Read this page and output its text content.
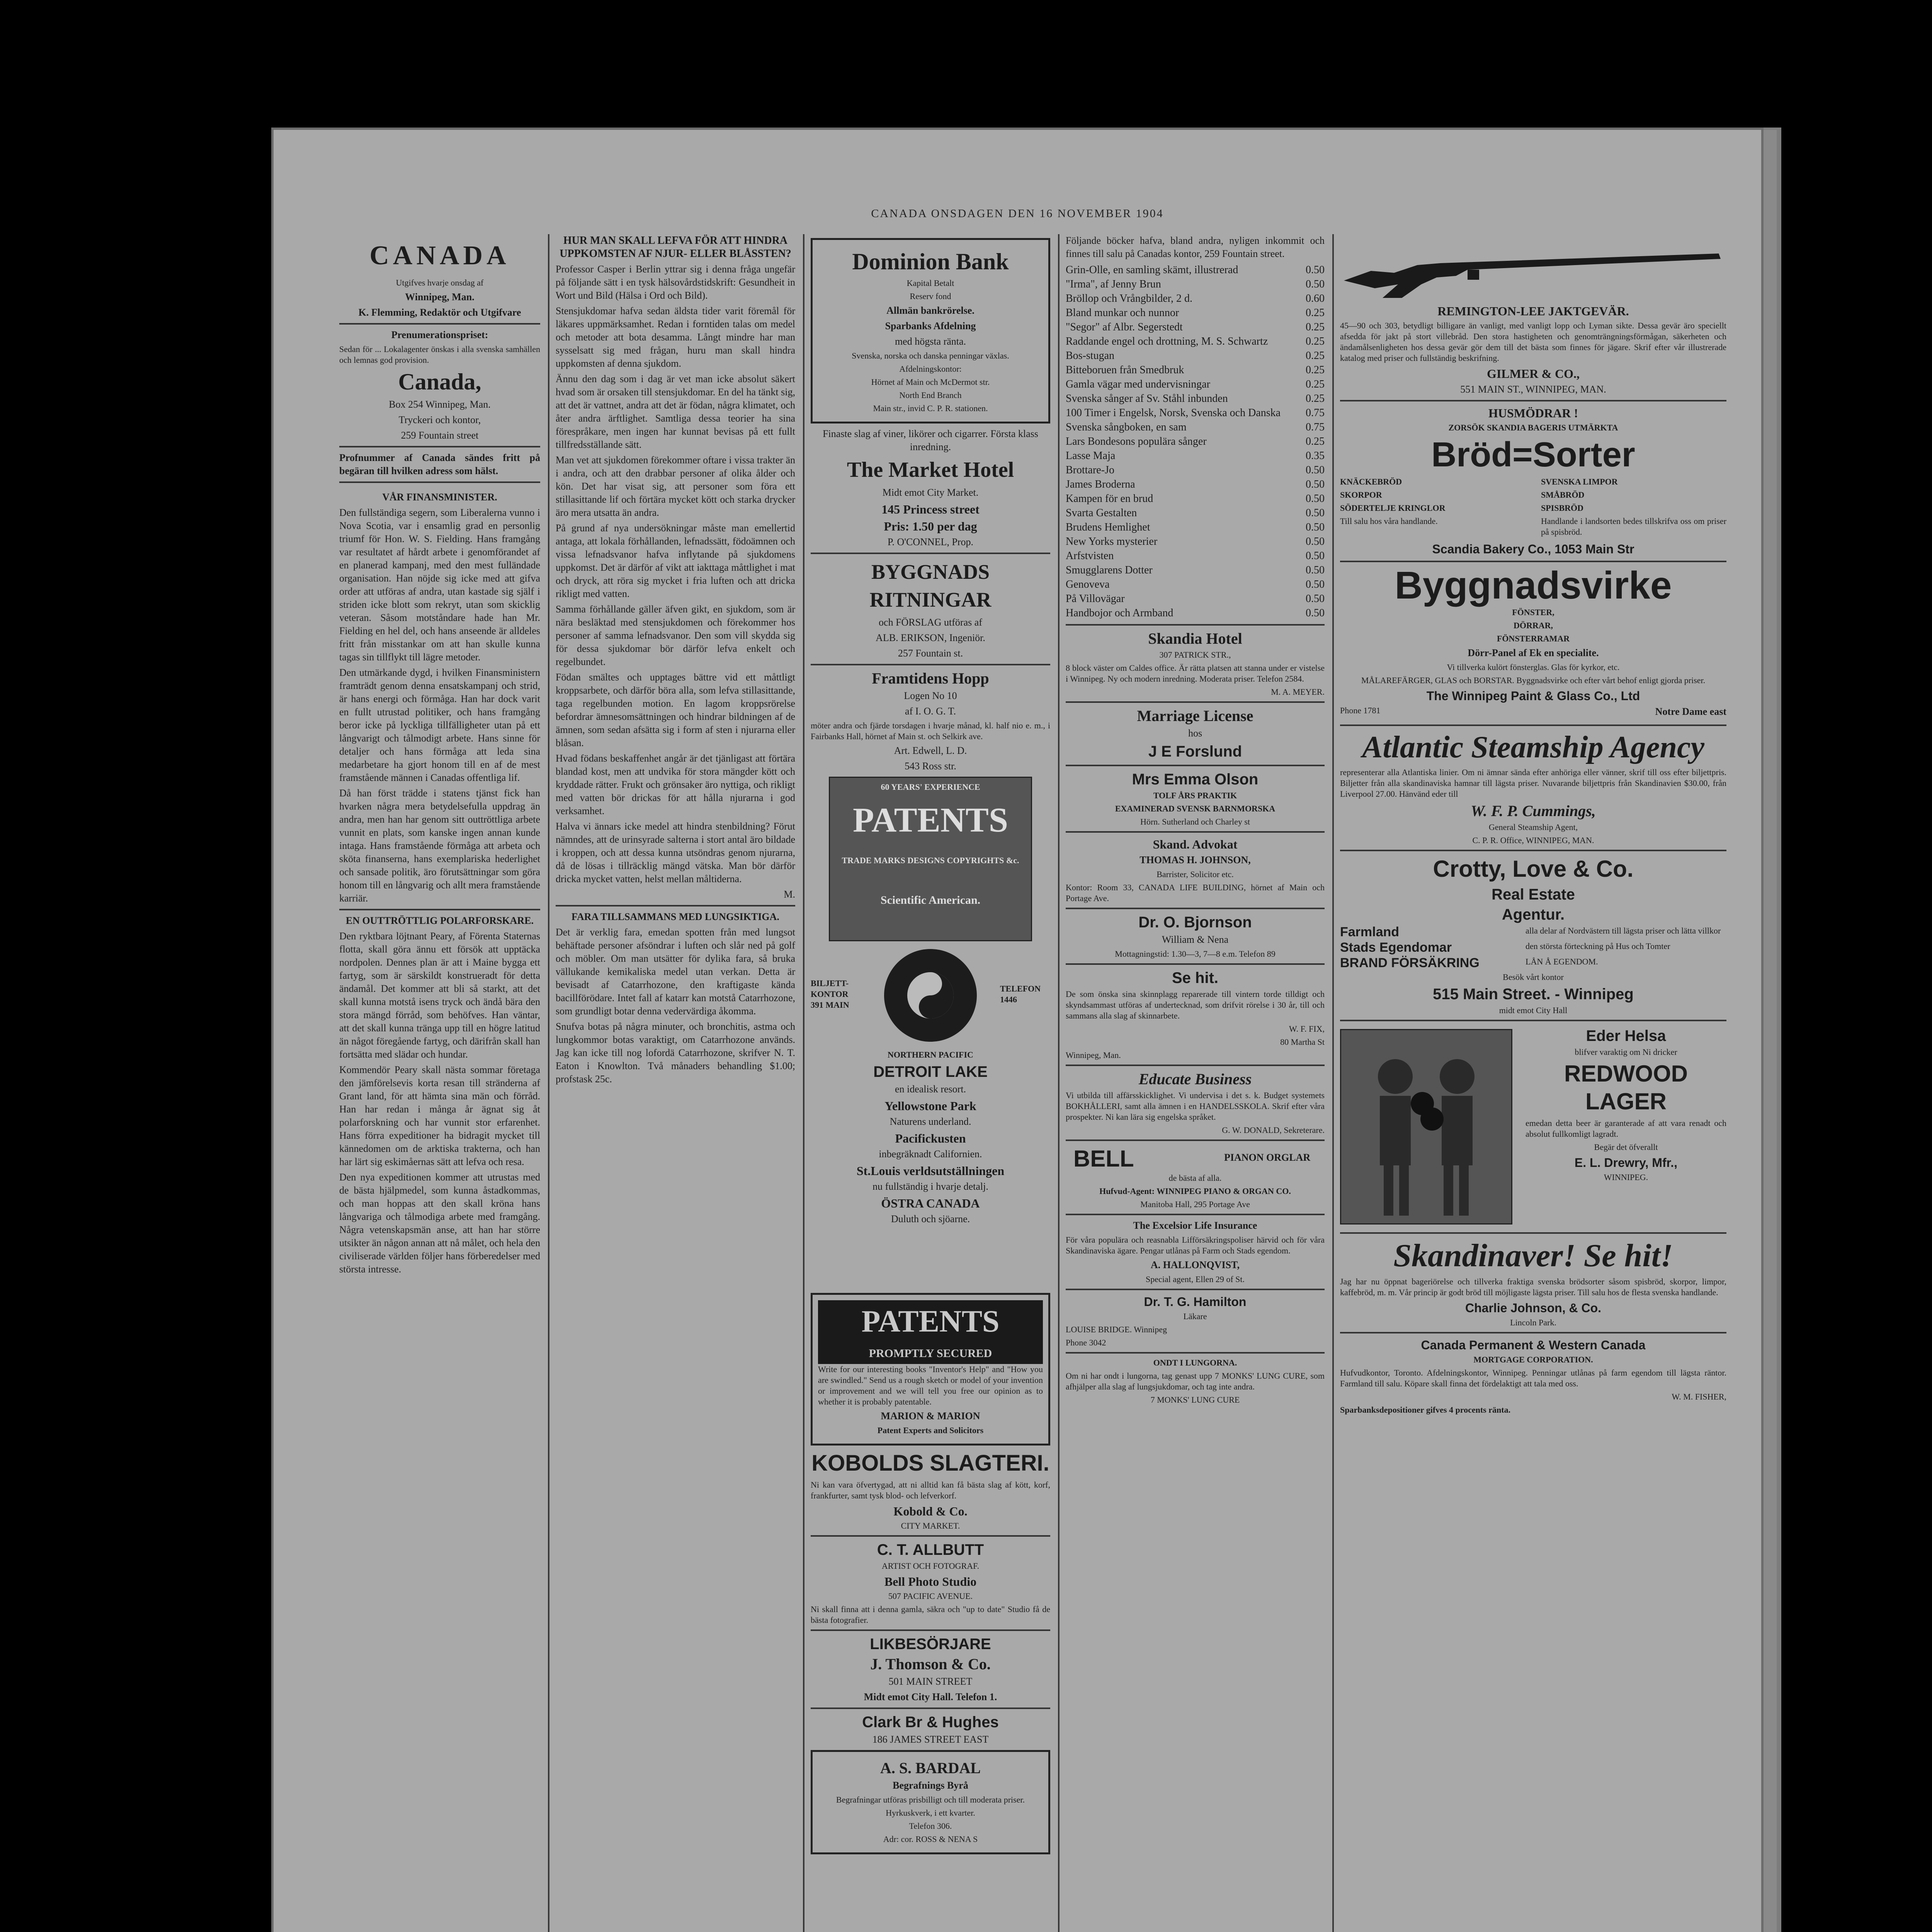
CANADA ONSDAGEN DEN 16 NOVEMBER 1904
CANADA
Utgifves hvarje onsdag af
Winnipeg, Man.
K. Flemming, Redaktör och Utgifvare
Prenumerationspriset:
Sedan för ... Lokalagenter önskas i alla svenska samhällen och lemnas god provision.
Canada,
Box 254 Winnipeg, Man.
Tryckeri och kontor,
259 Fountain street
Profnummer af Canada sändes fritt på begäran till hvilken adress som hälst.
VÅR FINANSMINISTER.
Den fullständiga segern, som Liberalerna vunno i Nova Scotia, var i ensamlig grad en personlig triumf för Hon. W. S. Fielding. Hans framgång var resultatet af hårdt arbete i genomförandet af en planerad kampanj, med den mest fulländade organisation. Han nöjde sig icke med att gifva order att utföras af andra, utan kastade sig själf i striden icke blott som rekryt, utan som skicklig veteran. Såsom motståndare hade han Mr. Fielding en hel del, och hans anseende är alldeles fritt från misstankar om att han skulle kunna tagas sin tillflykt till lägre metoder.
Den utmärkande dygd, i hvilken Finansministern framträdt genom denna ensatskampanj och strid, är hans energi och förmåga. Han har dock varit en fullt utrustad politiker, och hans framgång beror icke på lyckliga tillfälligheter utan på ett långvarigt och tålmodigt arbete. Hans sinne för detaljer och hans förmåga att leda sina medarbetare ha gjort honom till en af de mest framstående männen i Canadas offentliga lif.
Då han först trädde i statens tjänst fick han hvarken några mera betydelsefulla uppdrag än andra, men han har genom sitt outtröttliga arbete vunnit en plats, som kanske ingen annan kunde intaga. Hans framstående förmåga att arbeta och sköta finanserna, hans exemplariska hederlighet och sansade politik, äro förutsättningar som göra honom till en långvarig och allt mera framstående karriär.
EN OUTTRÖTTLIG POLARFORSKARE.
Den ryktbara löjtnant Peary, af Förenta Staternas flotta, skall göra ännu ett försök att upptäcka nordpolen. Dennes plan är att i Maine bygga ett fartyg, som är särskildt konstrueradt för detta ändamål. Det kommer att bli så starkt, att det skall kunna motstå isens tryck och ändå bära den stora mängd förråd, som behöfves. Han väntar, att det skall kunna tränga upp till en högre latitud än något föregående fartyg, och därifrån skall han fortsätta med slädar och hundar.
Kommendör Peary skall nästa sommar företaga den jämförelsevis korta resan till stränderna af Grant land, för att hämta sina män och förråd. Han har redan i många år ägnat sig åt polarforskning och har vunnit stor erfarenhet. Hans förra expeditioner ha bidragit mycket till kännedomen om de arktiska trakterna, och han har lärt sig eskimåernas sätt att lefva och resa.
Den nya expeditionen kommer att utrustas med de bästa hjälpmedel, som kunna åstadkommas, och man hoppas att den skall kröna hans långvariga och tålmodiga arbete med framgång. Några vetenskapsmän anse, att han har större utsikter än någon annan att nå målet, och hela den civiliserade världen följer hans förberedelser med största intresse.
HUR MAN SKALL LEFVA FÖR ATT HINDRA UPPKOMSTEN AF NJUR- ELLER BLÅSSTEN?
Professor Casper i Berlin yttrar sig i denna fråga ungefär på följande sätt i en tysk hälsovårdstidskrift: Gesundheit in Wort und Bild (Hälsa i Ord och Bild).
Stensjukdomar hafva sedan äldsta tider varit föremål för läkares uppmärksamhet. Redan i forntiden talas om medel och metoder att bota desamma. Långt mindre har man sysselsatt sig med frågan, huru man skall hindra uppkomsten af denna sjukdom.
Ännu den dag som i dag är vet man icke absolut säkert hvad som är orsaken till stensjukdomar. En del ha tänkt sig, att det är vattnet, andra att det är födan, några klimatet, och åter andra ärftlighet. Samtliga dessa teorier ha sina förespråkare, men ingen har kunnat bevisas på ett fullt tillfredsställande sätt.
Man vet att sjukdomen förekommer oftare i vissa trakter än i andra, och att den drabbar personer af olika ålder och kön. Det har visat sig, att personer som föra ett stillasittande lif och förtära mycket kött och starka drycker äro mera utsatta än andra.
På grund af nya undersökningar måste man emellertid antaga, att lokala förhållanden, lefnadssätt, födoämnen och vissa lefnadsvanor hafva inflytande på sjukdomens uppkomst. Det är därför af vikt att iakttaga måttlighet i mat och dryck, att röra sig mycket i fria luften och att dricka rikligt med vatten.
Samma förhållande gäller äfven gikt, en sjukdom, som är nära besläktad med stensjukdomen och förekommer hos personer af samma lefnadsvanor. Den som vill skydda sig för dessa sjukdomar bör därför lefva enkelt och regelbundet.
Födan smältes och upptages bättre vid ett måttligt kroppsarbete, och därför böra alla, som lefva stillasittande, taga regelbunden motion. En lagom kroppsrörelse befordrar ämnesomsättningen och hindrar bildningen af de ämnen, som sedan afsätta sig i form af sten i njurarna eller blåsan.
Hvad födans beskaffenhet angår är det tjänligast att förtära blandad kost, men att undvika för stora mängder kött och kryddade rätter. Frukt och grönsaker äro nyttiga, och rikligt med vatten bör drickas för att hålla njurarna i god verksamhet.
Halva vi ännars icke medel att hindra stenbildning? Förut nämndes, att de urinsyrade salterna i stort antal äro bildade i kroppen, och att dessa kunna utsöndras genom njurarna, då de lösas i tillräcklig mängd vätska. Man bör därför dricka mycket vatten, helst mellan måltiderna.
M.
FARA TILLSAMMANS MED LUNGSIKTIGA.
Det är verklig fara, emedan spotten från med lungsot behäftade personer afsöndrar i luften och slår ned på golf och möbler. Om man utsätter för dylika fara, så bruka vällukande kemikaliska medel utan verkan. Detta är bevisadt af Catarrhozone, den kraftigaste kända bacillförödare. Intet fall af katarr kan motstå Catarrhozone, som grundligt botar denna vedervärdiga åkomma.
Snufva botas på några minuter, och bronchitis, astma och lungkommor botas varaktigt, om Catarrhozone används. Jag kan icke till nog lofordä Catarrhozone, skrifver N. T. Eaton i Knowlton. Två månaders behandling $1.00; profstask 25c.
Dominion Bank
Kapital Betalt
Reserv fond
Allmän bankrörelse.
Sparbanks Afdelning
med högsta ränta.
Svenska, norska och danska penningar växlas.
Afdelningskontor:
Hörnet af Main och McDermot str.
North End Branch
Main str., invid C. P. R. stationen.
Finaste slag af viner, likörer och cigarrer. Första klass inredning.
The Market Hotel
Midt emot City Market.
145 Princess street
Pris: 1.50 per dag
P. O'CONNEL, Prop.
BYGGNADS RITNINGAR
och FÖRSLAG utföras af
ALB. ERIKSON, Ingeniör.
257 Fountain st.
Framtidens Hopp
Logen No 10
af I. O. G. T.
möter andra och fjärde torsdagen i hvarje månad, kl. half nio e. m., i Fairbanks Hall, hörnet af Main st. och Selkirk ave.
Art. Edwell, L. D.
543 Ross str.
60 YEARS' EXPERIENCE
PATENTS
TRADE MARKS DESIGNS COPYRIGHTS &c.
Scientific American.
BILJETT-KONTOR 391 MAIN
TELEFON 1446
NORTHERN PACIFIC
DETROIT LAKE
en idealisk resort.
Yellowstone Park
Naturens underland.
Pacifickusten
inbegräknadt Californien.
St.Louis verldsutställningen
nu fullständig i hvarje detalj.
ÖSTRA CANADA
Duluth och sjöarne.
PATENTS
PROMPTLY SECURED
Write for our interesting books "Inventor's Help" and "How you are swindled." Send us a rough sketch or model of your invention or improvement and we will tell you free our opinion as to whether it is probably patentable.
MARION & MARION
Patent Experts and Solicitors
KOBOLDS SLAGTERI.
Ni kan vara öfvertygad, att ni alltid kan få bästa slag af kött, korf, frankfurter, samt tysk blod- och lefverkorf.
Kobold & Co.
CITY MARKET.
C. T. ALLBUTT
ARTIST OCH FOTOGRAF.
Bell Photo Studio
507 PACIFIC AVENUE.
Ni skall finna att i denna gamla, säkra och "up to date" Studio få de bästa fotografier.
LIKBESÖRJARE
J. Thomson & Co.
501 MAIN STREET
Midt emot City Hall. Telefon 1.
Clark Br & Hughes
186 JAMES STREET EAST
A. S. BARDAL
Begrafnings Byrå
Begrafningar utföras prisbilligt och till moderata priser.
Hyrkuskverk, i ett kvarter.
Telefon 306.
Adr: cor. ROSS & NENA S
Följande böcker hafva, bland andra, nyligen inkommit och finnes till salu på Canadas kontor, 259 Fountain street.
Grin-Olle, en samling skämt, illustrerad	0.50
"Irma", af Jenny Brun	0.50
Bröllop och Vrångbilder, 2 d.	0.60
Bland munkar och nunnor	0.25
"Segor" af Albr. Segerstedt	0.25
Raddande engel och drottning, M. S. Schwartz	0.25
Bos-stugan	0.25
Bitteboruen från Smedbruk	0.25
Gamla vägar med undervisningar	0.25
Svenska sånger af Sv. Ståhl inbunden	0.25
100 Timer i Engelsk, Norsk, Svenska och Danska 0.75
Svenska sångboken, en sam	0.75
Lars Bondesons populära sånger	0.25
Lasse Maja	0.35
Brottare-Jo	0.50
James Broderna	0.50
Kampen för en brud	0.50
Svarta Gestalten	0.50
Brudens Hemlighet	0.50
New Yorks mysterier	0.50
Arfstvisten	0.50
Smugglarens Dotter	0.50
Genoveva	0.50
På Villovägar	0.50
Handbojor och Armband	0.50
Skandia Hotel
307 PATRICK STR.,
8 block väster om Caldes office. Är rätta platsen att stanna under er vistelse i Winnipeg. Ny och modern inredning. Moderata priser. Telefon 2584.
M. A. MEYER.
Marriage License
hos
J E Forslund
Mrs Emma Olson
TOLF ÅRS PRAKTIK
EXAMINERAD SVENSK BARNMORSKA
Hörn. Sutherland och Charley st
Skand. Advokat
THOMAS H. JOHNSON,
Barrister, Solicitor etc.
Kontor: Room 33, CANADA LIFE BUILDING, hörnet af Main och Portage Ave.
Dr. O. Bjornson
William & Nena
Mottagningstid: 1.30—3, 7—8 e.m. Telefon 89
Se hit.
De som önska sina skinnplagg reparerade till vintern torde tilldigt och skyndsammast utföras af undertecknad, som drifvit rörelse i 30 år, till och sammans alla slag af skinnarbete.
W. F. FIX,
80 Martha St
Winnipeg, Man.
Educate Business
Vi utbilda till affärsskicklighet. Vi undervisa i det s. k. Budget systemets BOKHÅLLERI, samt alla ämnen i en HANDELSSKOLA. Skrif efter våra prospekter. Ni kan lära sig engelska språket.
G. W. DONALD, Sekreterare.
BELL	PIANON ORGLAR
de bästa af alla.
Hufvud-Agent: WINNIPEG PIANO & ORGAN CO.
Manitoba Hall, 295 Portage Ave
The Excelsior Life Insurance
För våra populära och reasnabla Lifförsäkringspoliser härvid och för våra Skandinaviska ägare. Pengar utlånas på Farm och Stads egendom.
A. HALLONQVIST,
Special agent, Ellen 29 of St.
Dr. T. G. Hamilton
Läkare
LOUISE BRIDGE. Winnipeg
Phone 3042
ONDT I LUNGORNA.
Om ni har ondt i lungorna, tag genast upp 7 MONKS' LUNG CURE, som afhjälper alla slag af lungsjukdomar, och tag inte andra.
7 MONKS' LUNG CURE
REMINGTON-LEE JAKTGEVÄR.
45—90 och 303, betydligt billigare än vanligt, med vanligt lopp och Lyman sikte. Dessa gevär äro speciellt afsedda för jakt på stort villebråd. Den stora hastigheten och genomträngningsförmågan, säkerheten och ändamålsenligheten hos dessa gevär gör dem till det bästa som finnes för jägare. Skrif efter vår illustrerade katalog med priser och fullständig beskrifning.
GILMER & CO.,
551 MAIN ST., WINNIPEG, MAN.
HUSMÖDRAR !
ZORSÖK SKANDIA BAGERIS UTMÄRKTA
Bröd=Sorter
KNÄCKEBRÖD
SKORPOR
SÖDERTELJE KRINGLOR
Till salu hos våra handlande.
SVENSKA LIMPOR
SMÅBRÖD
SPISBRÖD
Handlande i landsorten bedes tillskrifva oss om priser på spisbröd.
Scandia Bakery Co., 1053 Main Str
Byggnadsvirke
FÖNSTER,
DÖRRAR,
FÖNSTERRAMAR
Dörr-Panel af Ek en specialite.
Vi tillverka kulört fönsterglas. Glas för kyrkor, etc.
MÅLAREFÄRGER, GLAS och BORSTAR. Byggnadsvirke och efter vårt behof enligt gjorda priser.
The Winnipeg Paint & Glass Co., Ltd
Phone 1781	Notre Dame east
Atlantic Steamship Agency
representerar alla Atlantiska linier. Om ni ämnar sända efter anhöriga eller vänner, skrif till oss efter biljettpris. Biljetter från alla skandinaviska hamnar till lägsta priser. Nuvarande biljettpris från Skandinavien $30.00, från Liverpool 27.00. Hänvänd eder till
W. F. P. Cummings,
General Steamship Agent,
C. P. R. Office, WINNIPEG, MAN.
Crotty, Love & Co.
Real Estate
Agentur.
Farmland	alla delar af Nordvästern till lägsta priser och lätta villkor
Stads Egendomar	den största förteckning på Hus och Tomter
BRAND FÖRSÄKRING	LÅN Å EGENDOM.
Besök vårt kontor
515 Main Street. - Winnipeg
midt emot City Hall
Eder Helsa
blifver varaktig om Ni dricker
REDWOOD LAGER
emedan detta beer är garanterade af att vara renadt och absolut fullkomligt lagradt.
Begär det öfverallt
E. L. Drewry, Mfr.,
WINNIPEG.
Skandinaver! Se hit!
Jag har nu öppnat bageriörelse och tillverka fraktiga svenska brödsorter såsom spisbröd, skorpor, limpor, kaffebröd, m. m. Vår princip är godt bröd till möjligaste lägsta priser. Till salu hos de flesta svenska handlande.
Charlie Johnson, & Co.
Lincoln Park.
Canada Permanent & Western Canada
MORTGAGE CORPORATION.
Hufvudkontor, Toronto. Afdelningskontor, Winnipeg. Penningar utlånas på farm egendom till lägsta räntor. Farmland till salu. Köpare skall finna det fördelaktigt att tala med oss.
W. M. FISHER,
Sparbanksdepositioner gifves 4 procents ränta.
